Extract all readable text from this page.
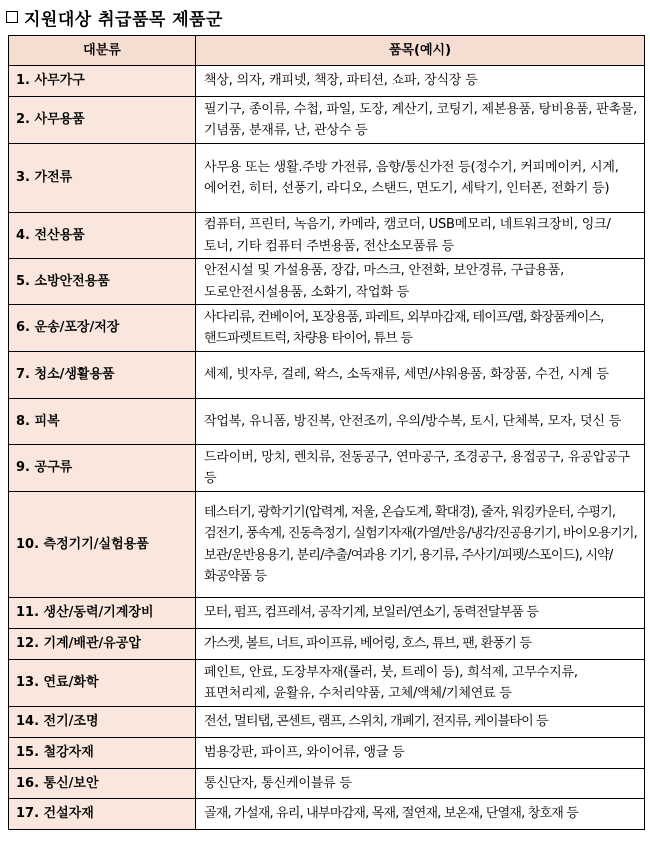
지원대상 취급품목 제품군
대분류	품목(예시)
1. 사무가구	책상, 의자, 캐피넷, 책장, 파티션, 쇼파, 장식장 등
2. 사무용품	필기구, 종이류, 수첩, 파일, 도장, 계산기, 코팅기, 제본용품, 탕비용품, 판촉물, 기념품, 분재류, 난, 관상수 등
3. 가전류	사무용 또는 생활.주방 가전류, 음향/통신가전 등(정수기, 커피메이커, 시계, 에어컨, 히터, 선풍기, 라디오, 스탠드, 면도기, 세탁기, 인터폰, 전화기 등)
4. 전산용품	컴퓨터, 프린터, 녹음기, 카메라, 캠코더, USB메모리, 네트워크장비, 잉크/토너, 기타 컴퓨터 주변용품, 전산소모품류 등
5. 소방안전용품	안전시설 및 가설용품, 장갑, 마스크, 안전화, 보안경류, 구급용품, 도로안전시설용품, 소화기, 작업화 등
6. 운송/포장/저장	사다리류, 컨베이어, 포장용품, 파레트, 외부마감재, 테이프/랩, 화장품케이스, 핸드파렛트트럭, 차량용 타이어, 튜브 등
7. 청소/생활용품	세제, 빗자루, 걸레, 왁스, 소독재류, 세면/샤워용품, 화장품, 수건, 시계 등
8. 피복	작업복, 유니폼, 방진복, 안전조끼, 우의/방수복, 토시, 단체복, 모자, 덧신 등
9. 공구류	드라이버, 망치, 렌치류, 전동공구, 연마공구, 조경공구, 용접공구, 유공압공구 등
10. 측정기기/실험용품	테스터기, 광학기기(압력계, 저울, 온습도계, 확대경), 줄자, 워킹카운터, 수평기, 검전기, 풍속계, 진동측정기, 실험기자재(가열/반응/냉각/진공용기기, 바이오용기기, 보관/운반용용기, 분리/추출/여과용 기기, 용기류, 주사기/피펫/스포이드), 시약/화공약품 등
11. 생산/동력/기계장비	모터, 펌프, 컴프레셔, 공작기계, 보일러/연소기, 동력전달부품 등
12. 기계/배관/유공압	가스켓, 볼트, 너트, 파이프류, 베어링, 호스, 튜브, 팬, 환풍기 등
13. 연료/화학	페인트, 안료, 도장부자재(롤러, 붓, 트레이 등), 희석제, 고무수지류, 표면처리제, 윤활유, 수처리약품, 고체/액체/기체연료 등
14. 전기/조명	전선, 멀티탭, 콘센트, 램프, 스위치, 개폐기, 전지류, 케이블타이 등
15. 철강자재	범용강판, 파이프, 와이어류, 앵글 등
16. 통신/보안	통신단자, 통신케이블류 등
17. 건설자재	골재, 가설재, 유리, 내부마감재, 목재, 절연재, 보온재, 단열재, 창호재 등
